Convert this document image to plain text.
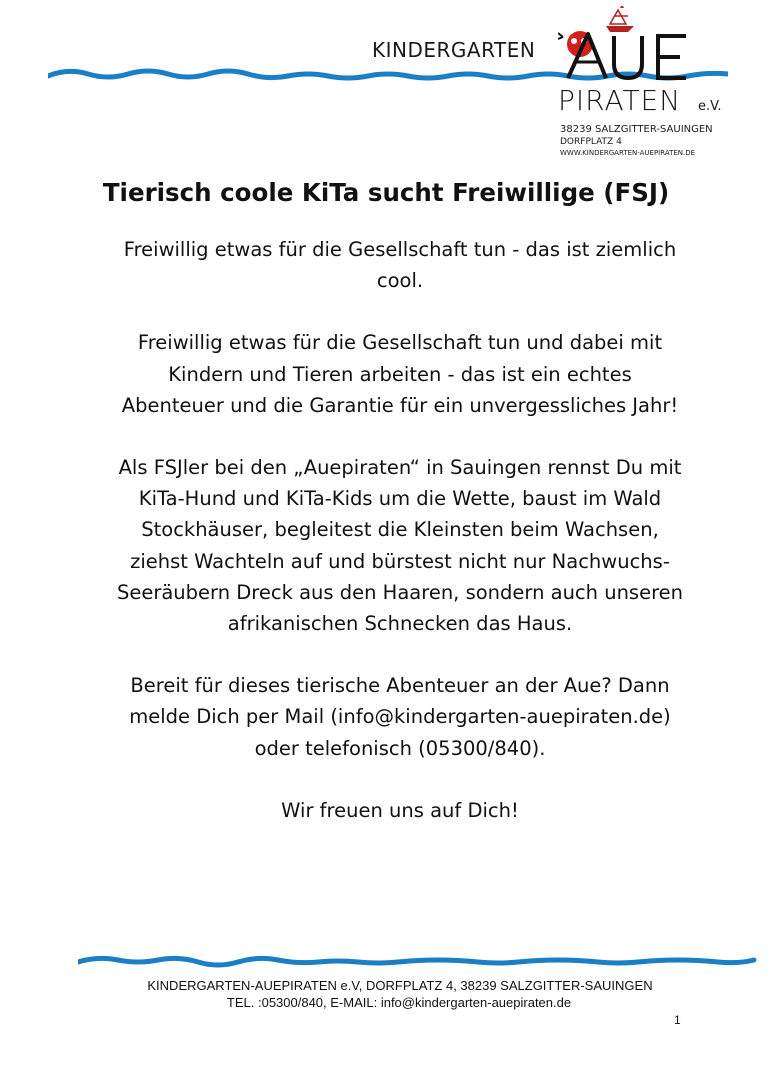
KINDERGARTEN
PIRATEN e.V.
38239 SALZGITTER-SAUINGEN
DORFPLATZ 4
WWW.KINDERGARTEN-AUEPIRATEN.DE
Tierisch coole KiTa sucht Freiwillige (FSJ)

Freiwillig etwas für die Gesellschaft tun - das ist ziemlich
cool.

Freiwillig etwas für die Gesellschaft tun und dabei mit
Kindern und Tieren arbeiten - das ist ein echtes
Abenteuer und die Garantie für ein unvergessliches Jahr!

Als FSJler bei den „Auepiraten“ in Sauingen rennst Du mit
KiTa-Hund und KiTa-Kids um die Wette, baust im Wald
Stockhäuser, begleitest die Kleinsten beim Wachsen,
ziehst Wachteln auf und bürstest nicht nur Nachwuchs-
Seeräubern Dreck aus den Haaren, sondern auch unseren
afrikanischen Schnecken das Haus.

Bereit für dieses tierische Abenteuer an der Aue? Dann
melde Dich per Mail (info@kindergarten-auepiraten.de)
oder telefonisch (05300/840).

Wir freuen uns auf Dich!

KINDERGARTEN-AUEPIRATEN e.V, DORFPLATZ 4, 38239 SALZGITTER-SAUINGEN
TEL. :05300/840, E-MAIL: info@kindergarten-auepiraten.de
1
